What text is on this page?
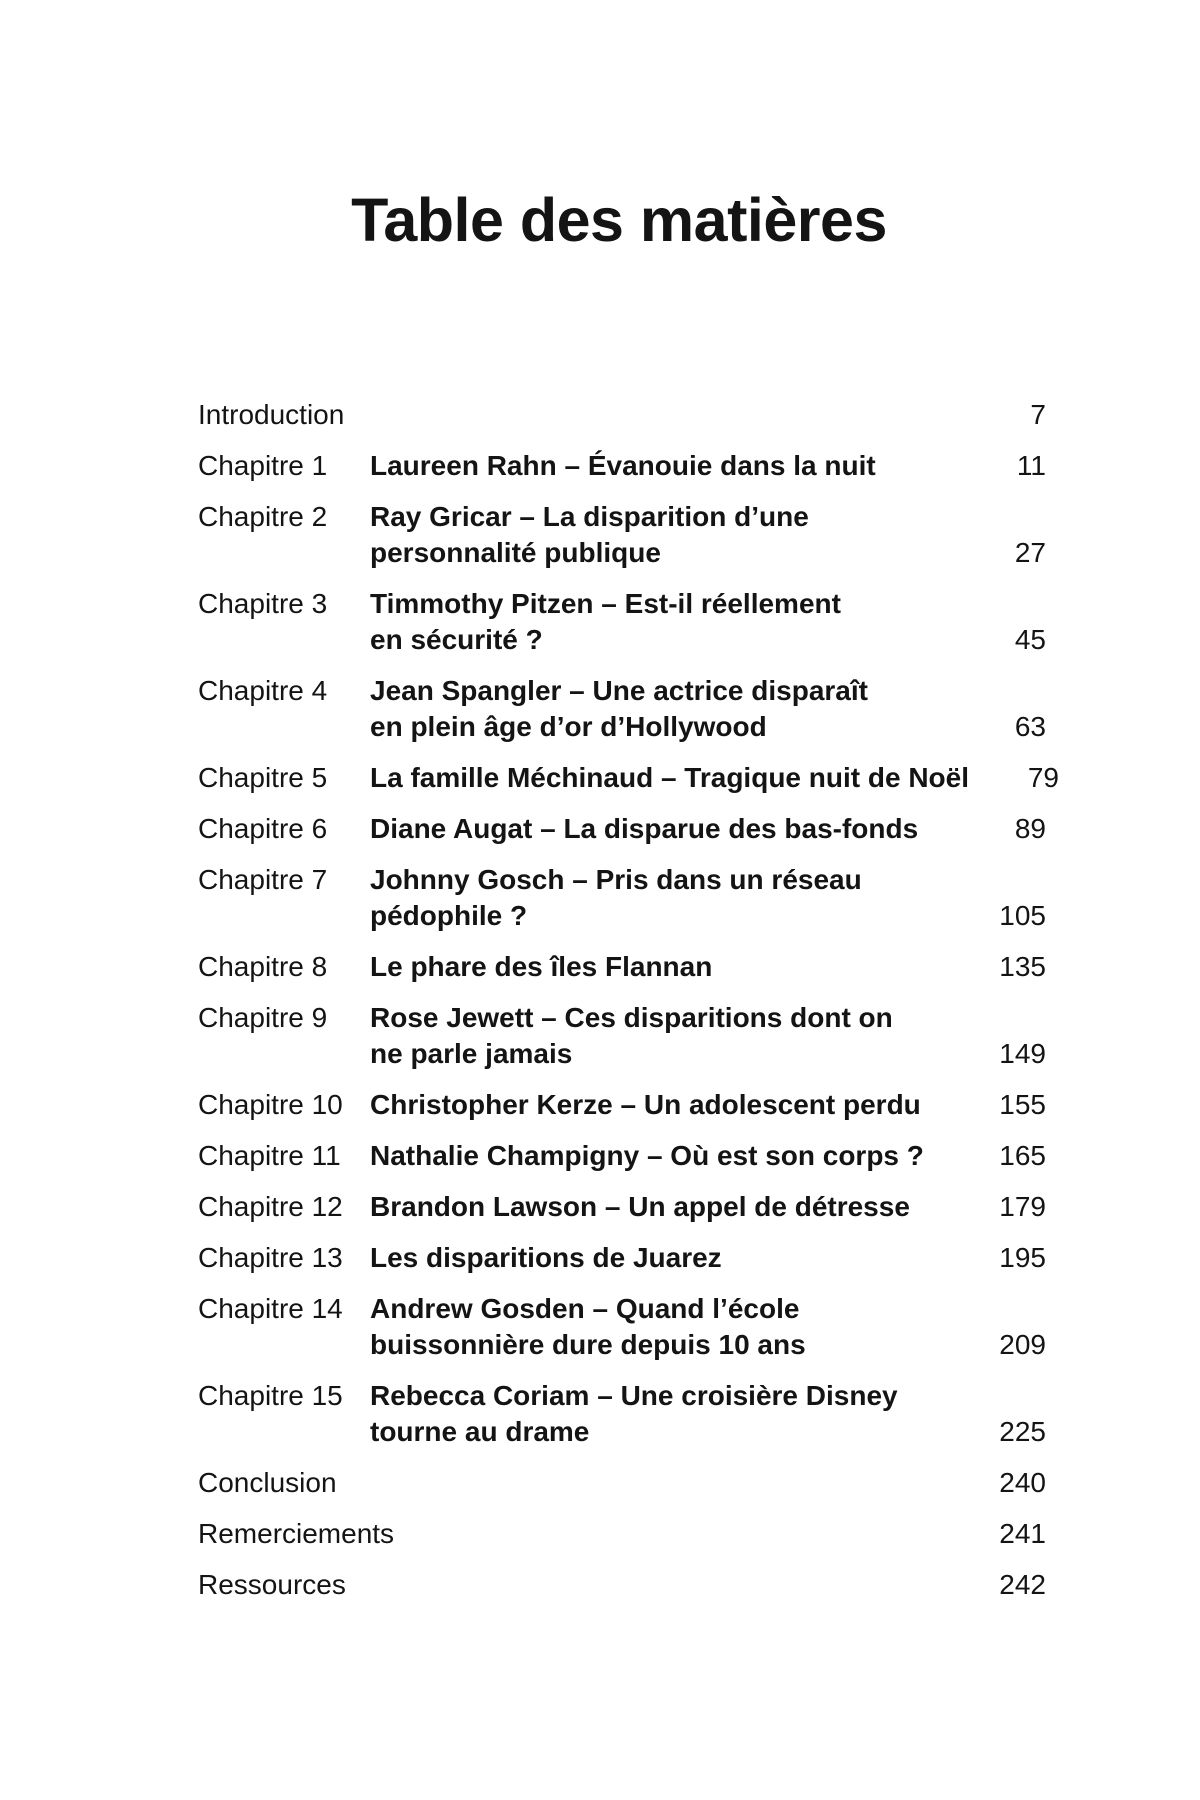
Table des matières
Introduction	7
Chapitre 1	Laureen Rahn – Évanouie dans la nuit	11
Chapitre 2	Ray Gricar – La disparition d’une
personnalité publique	27
Chapitre 3	Timmothy Pitzen – Est-il réellement
en sécurité ?	45
Chapitre 4	Jean Spangler – Une actrice disparaît
en plein âge d’or d’Hollywood	63
Chapitre 5	La famille Méchinaud – Tragique nuit de Noël	79
Chapitre 6	Diane Augat – La disparue des bas-fonds	89
Chapitre 7	Johnny Gosch – Pris dans un réseau
pédophile ?	105
Chapitre 8	Le phare des îles Flannan	135
Chapitre 9	Rose Jewett – Ces disparitions dont on
ne parle jamais	149
Chapitre 10 Christopher Kerze – Un adolescent perdu	155
Chapitre 11	Nathalie Champigny – Où est son corps ?	165
Chapitre 12 Brandon Lawson – Un appel de détresse	179
Chapitre 13 Les disparitions de Juarez	195
Chapitre 14 Andrew Gosden – Quand l’école
buissonnière dure depuis 10 ans	209
Chapitre 15 Rebecca Coriam – Une croisière Disney
tourne au drame	225
Conclusion	240
Remerciements	241
Ressources	242
